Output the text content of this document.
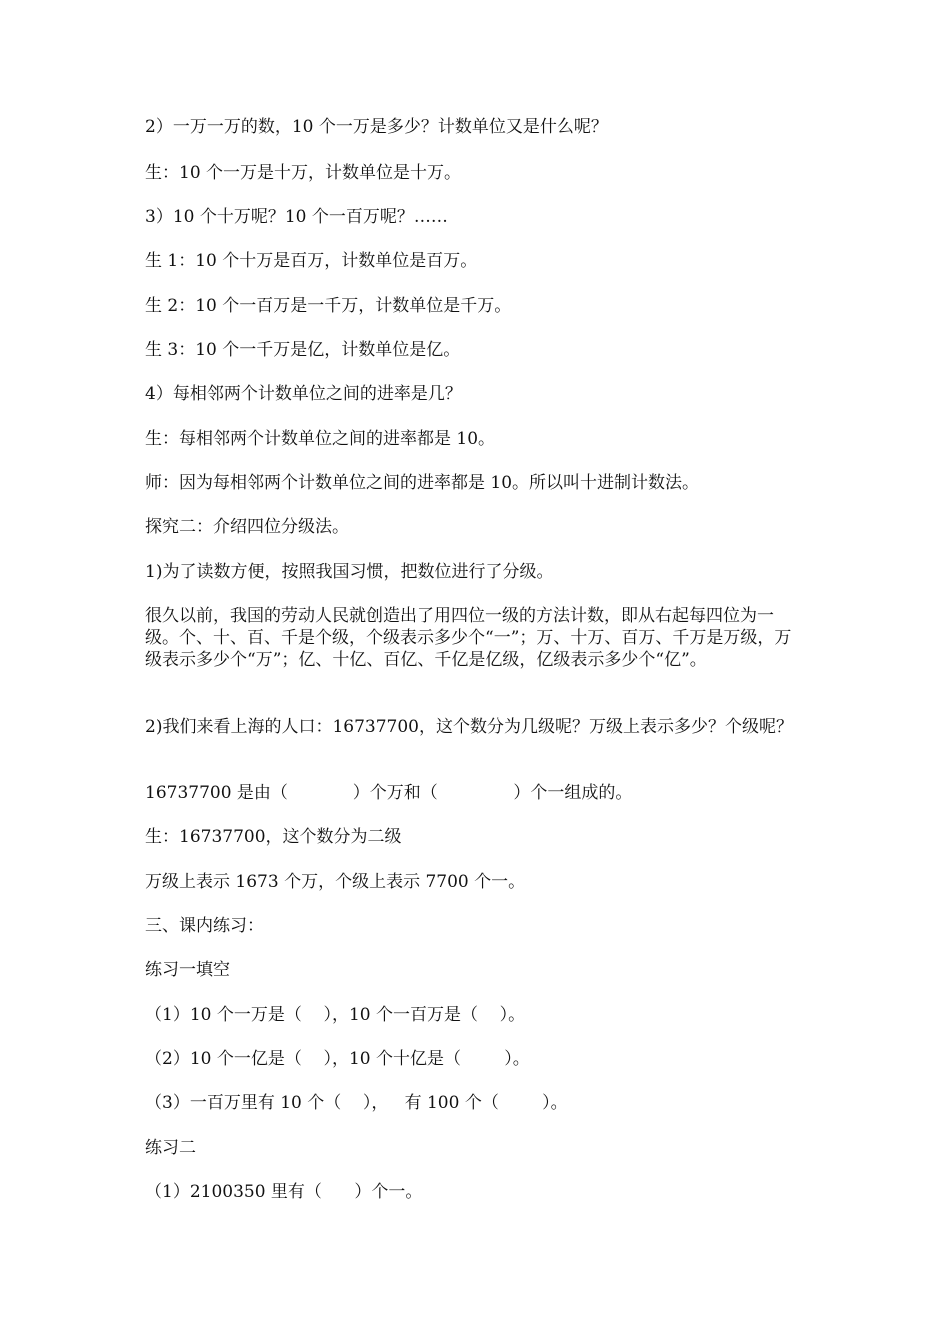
2）一万一万的数，10 个一万是多少？计数单位又是什么呢？
生：10 个一万是十万，计数单位是十万。
3）10 个十万呢？10 个一百万呢？……
生 1：10 个十万是百万，计数单位是百万。
生 2：10 个一百万是一千万，计数单位是千万。
生 3：10 个一千万是亿，计数单位是亿。
4）每相邻两个计数单位之间的进率是几？
生：每相邻两个计数单位之间的进率都是 10。
师：因为每相邻两个计数单位之间的进率都是 10。所以叫十进制计数法。
探究二：介绍四位分级法。
1)为了读数方便，按照我国习惯，把数位进行了分级。
很久以前，我国的劳动人民就创造出了用四位一级的方法计数，即从右起每四位为一级。个、十、百、千是个级，个级表示多少个“一”；万、十万、百万、千万是万级，万级表示多少个“万”；亿、十亿、百亿、千亿是亿级，亿级表示多少个“亿”。
2)我们来看上海的人口：16737700，这个数分为几级呢？万级上表示多少？个级呢？
16737700 是由（            ）个万和（              ）个一组成的。
生：16737700，这个数分为二级
万级上表示 1673 个万，个级上表示 7700 个一。
三、课内练习：
练习一填空
（1）10 个一万是（    ），10 个一百万是（    ）。
（2）10 个一亿是（    ），10 个十亿是（        ）。
（3）一百万里有 10 个（    ），   有 100 个（        ）。
练习二
（1）2100350 里有（      ）个一。
